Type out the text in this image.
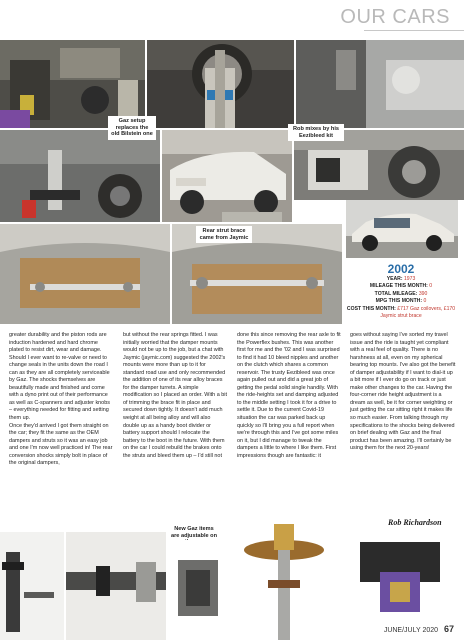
OUR CARS
Gaz setup replaces the old Bilstein one
Rob mixes by his Eezibleed kit
Rear strut brace came from Jaymic
New Gaz items are adjustable on
2002
YEAR: 1973
MILEAGE THIS MONTH: 0
TOTAL MILEAGE: 390
MPG THIS MONTH: 0
COST THIS MONTH: £717 Gaz coilovers, £170 Jaymic strut brace
greater durability and the piston rods are induction hardened and hard chrome plated to resist dirt, wear and damage. Should I ever want to re-valve or need to change seals in the units down the road I can as they are all completely serviceable by Gaz. The shocks themselves are beautifully made and finished and come with a dyno print out of their performance as well as C-spanners and adjuster knobs – everything needed for fitting and setting them up.
Once they'd arrived I got them straight on the car; they fit the same as the OEM dampers and struts so it was an easy job and one I'm now well practiced in! The rear conversion shocks simply bolt in place of the original dampers,
but without the rear springs fitted. I was initially worried that the damper mounts would not be up to the job, but a chat with Jaymic (jaymic.com) suggested the 2002's mounts were more than up to it for standard road use and only recommended the addition of one of its rear alloy braces for the damper turrets. A simple modification so I placed an order. With a bit of trimming the brace fit in place and secured down tightly. It doesn't add much weight at all being alloy and will also double up as a handy boot divider or battery support should I relocate the battery to the boot in the future. With them on the car I could rebuild the brakes onto the struts and bleed them up – I'd still not
done this since removing the rear axle to fit the Powerflex bushes. This was another first for me and the '02 and I was surprised to find it had 10 bleed nipples and another on the clutch which shares a common reservoir. The trusty Eezibleed was once again pulled out and did a great job of getting the pedal solid single handily. With the ride-heights set and damping adjusted to the middle setting I took it for a drive to settle it. Due to the current Covid-19 situation the car was parked back up quickly so I'll bring you a full report when we're through this and I've got some miles on it, but I did manage to tweak the dampers a little to where I like them. First impressions though are fantastic: it
goes without saying I've sorted my travel issue and the ride is taught yet compliant with a real feel of quality. There is no harshness at all, even on my spherical bearing top mounts. I've also got the benefit of damper adjustability if I want to dial-it up a bit more if I ever do go on track or just make other changes to the car. Having the four-corner ride height adjustment is a dream as well, be it for corner weighting or just getting the car sitting right it makes life so much easier. From talking through my specifications to the shocks being delivered on brief dealing with Gaz and the final product has been amazing. I'll certainly be using them for the next 20-years!
Rob Richardson
JUNE/JULY 2020 67
